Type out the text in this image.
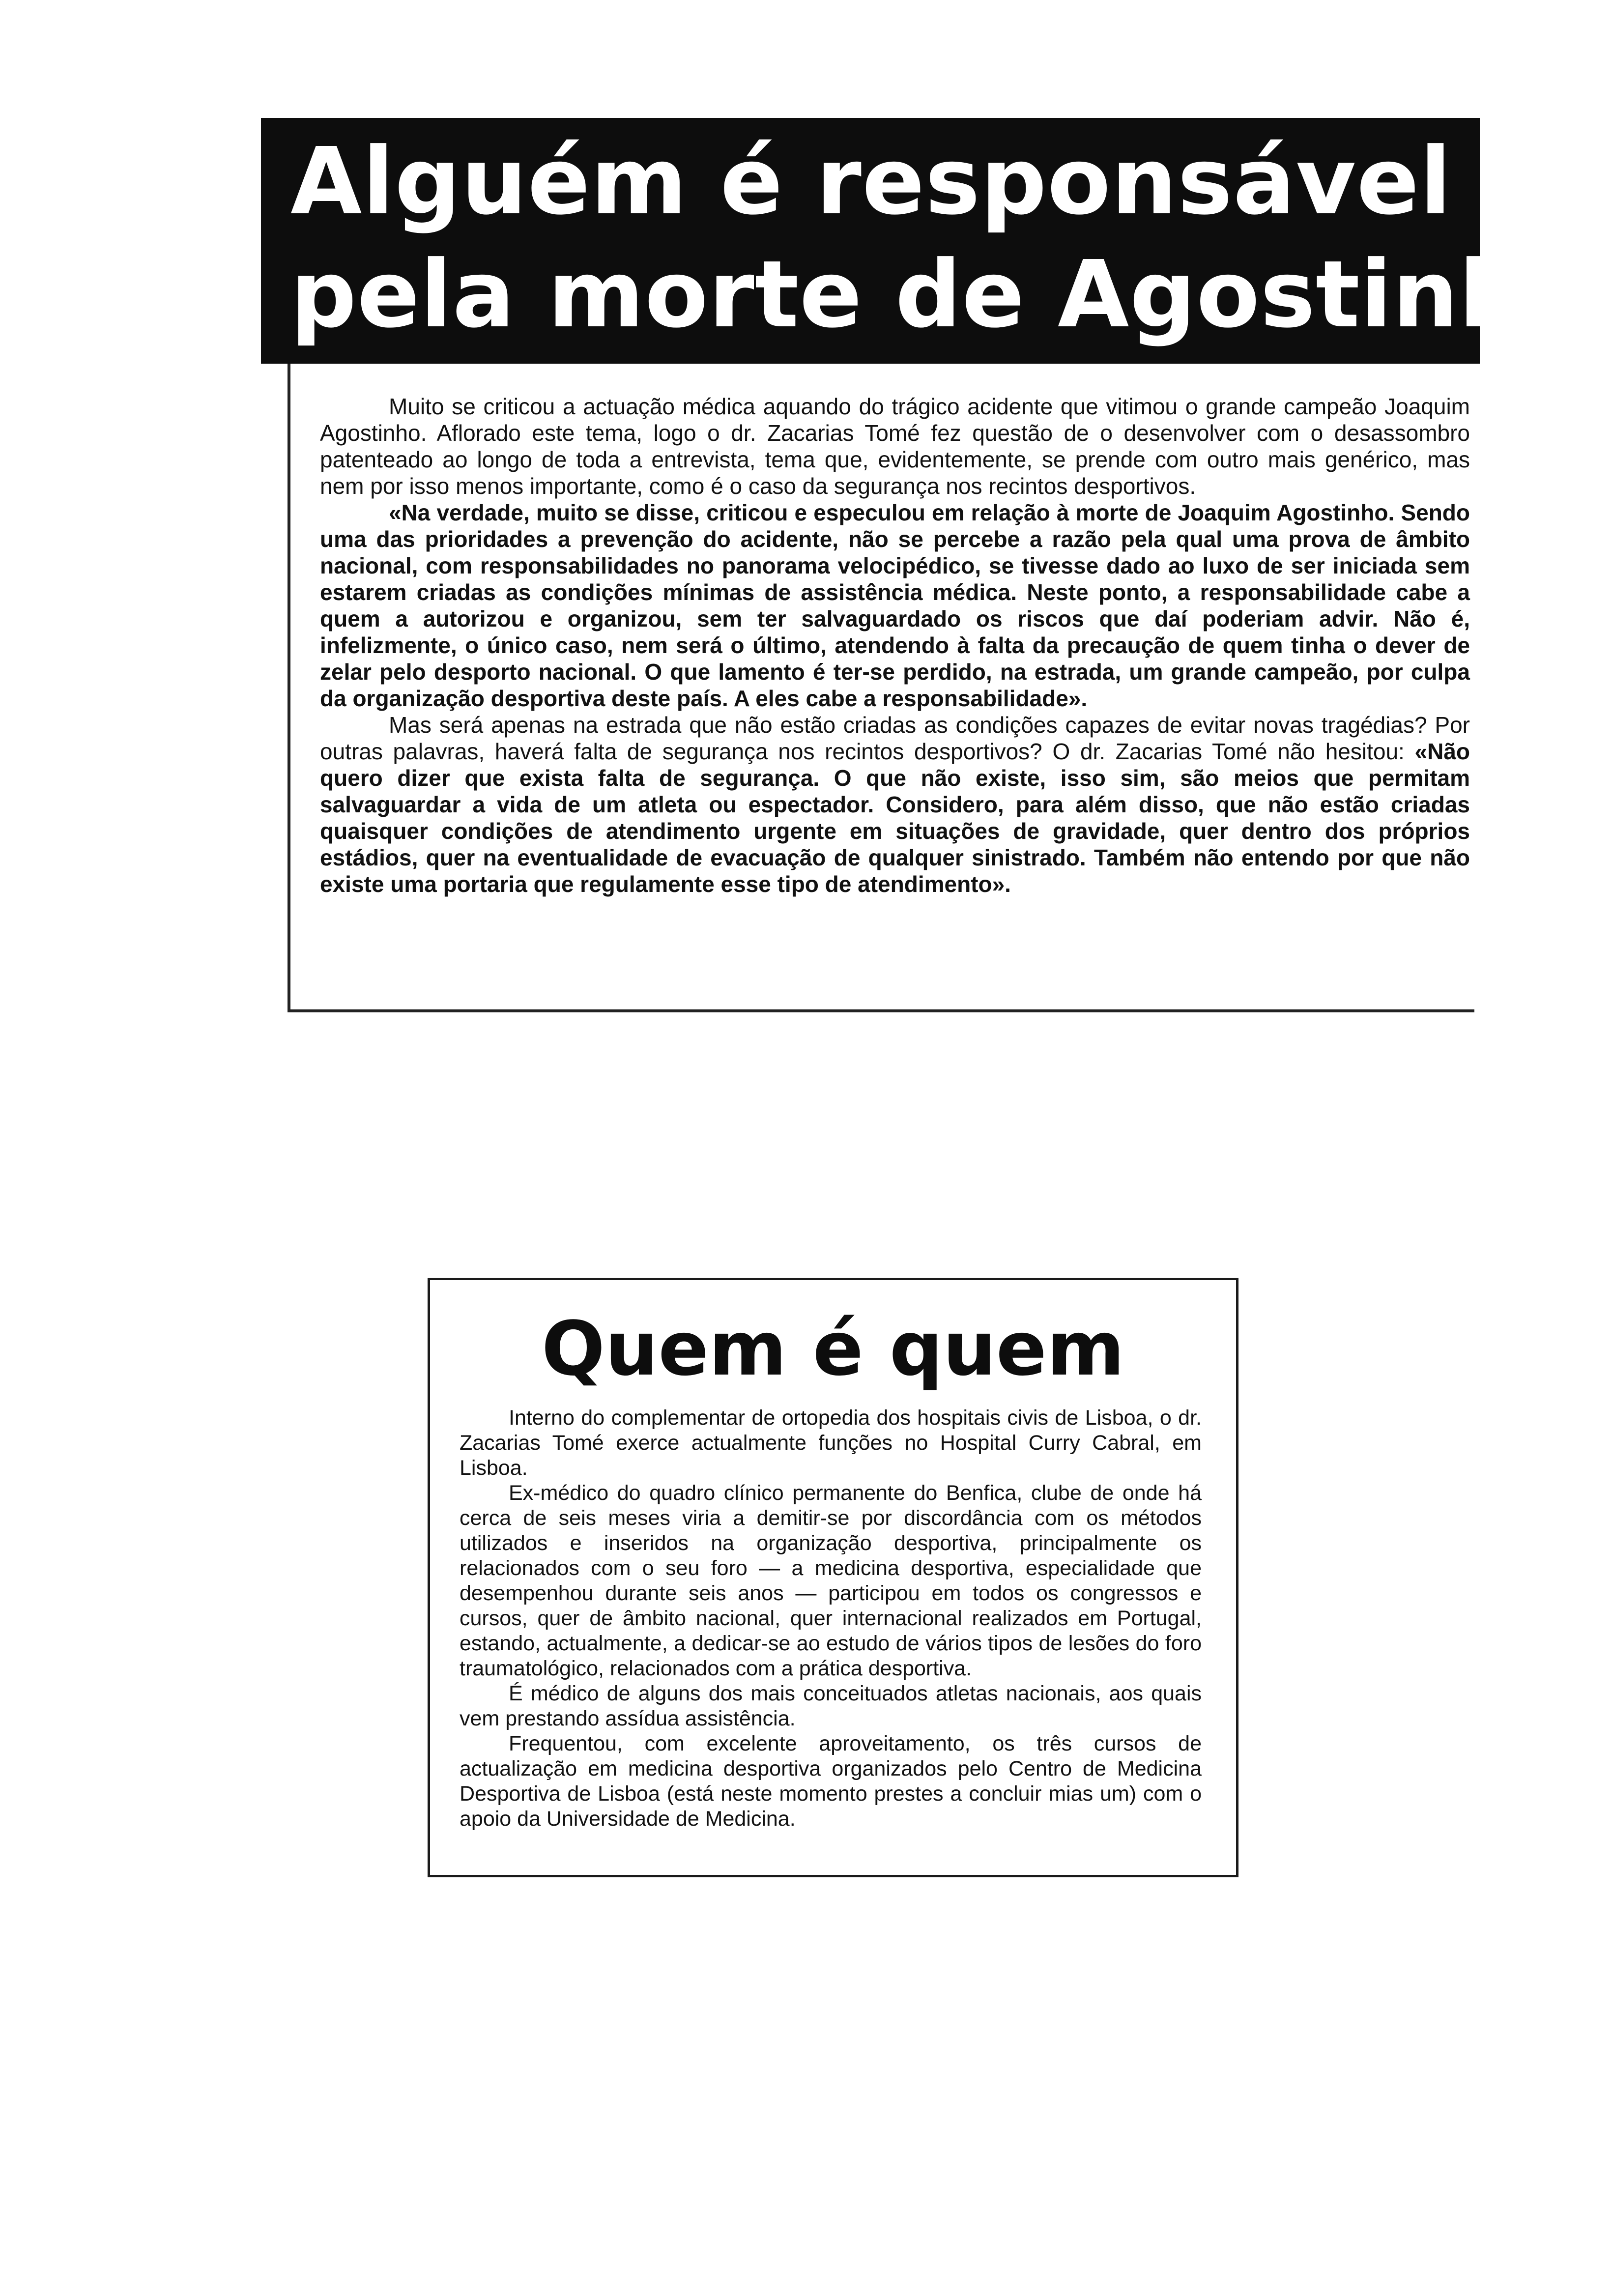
Alguém é responsável
pela morte de Agostinho

Muito se criticou a actuação médica aquando do trágico acidente que vitimou o grande campeão Joaquim Agostinho. Aflorado este tema, logo o dr. Zacarias Tomé fez questão de o desenvolver com o desassombro patenteado ao longo de toda a entrevista, tema que, evidentemente, se prende com outro mais genérico, mas nem por isso menos importante, como é o caso da segurança nos recintos desportivos.

«Na verdade, muito se disse, criticou e especulou em relação à morte de Joaquim Agostinho. Sendo uma das prioridades a prevenção do acidente, não se percebe a razão pela qual uma prova de âmbito nacional, com responsabilidades no panorama velocipédico, se tivesse dado ao luxo de ser iniciada sem estarem criadas as condições mínimas de assistência médica. Neste ponto, a responsabilidade cabe a quem a autorizou e organizou, sem ter salvaguardado os riscos que daí poderiam advir. Não é, infelizmente, o único caso, nem será o último, atendendo à falta da precaução de quem tinha o dever de zelar pelo desporto nacional. O que lamento é ter-se perdido, na estrada, um grande campeão, por culpa da organização desportiva deste país. A eles cabe a responsabilidade».

Mas será apenas na estrada que não estão criadas as condições capazes de evitar novas tragédias? Por outras palavras, haverá falta de segurança nos recintos desportivos? O dr. Zacarias Tomé não hesitou: «Não quero dizer que exista falta de segurança. O que não existe, isso sim, são meios que permitam salvaguardar a vida de um atleta ou espectador. Considero, para além disso, que não estão criadas quaisquer condições de atendimento urgente em situações de gravidade, quer dentro dos próprios estádios, quer na eventualidade de evacuação de qualquer sinistrado. Também não entendo por que não existe uma portaria que regulamente esse tipo de atendimento».

Quem é quem

Interno do complementar de ortopedia dos hospitais civis de Lisboa, o dr. Zacarias Tomé exerce actualmente funções no Hospital Curry Cabral, em Lisboa.

Ex-médico do quadro clínico permanente do Benfica, clube de onde há cerca de seis meses viria a demitir-se por discordância com os métodos utilizados e inseridos na organização desportiva, principalmente os relacionados com o seu foro — a medicina desportiva, especialidade que desempenhou durante seis anos — participou em todos os congressos e cursos, quer de âmbito nacional, quer internacional realizados em Portugal, estando, actualmente, a dedicar-se ao estudo de vários tipos de lesões do foro traumatológico, relacionados com a prática desportiva.

É médico de alguns dos mais conceituados atletas nacionais, aos quais vem prestando assídua assistência.

Frequentou, com excelente aproveitamento, os três cursos de actualização em medicina desportiva organizados pelo Centro de Medicina Desportiva de Lisboa (está neste momento prestes a concluir mias um) com o apoio da Universidade de Medicina.
